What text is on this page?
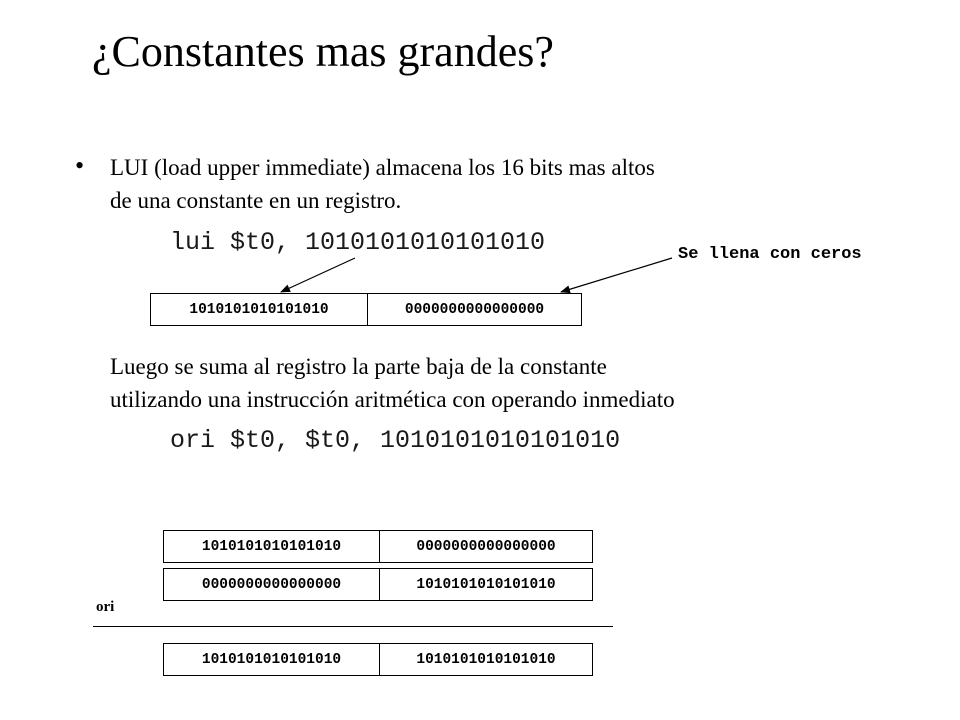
¿Constantes mas grandes?
• LUI (load upper immediate) almacena los 16 bits mas altos
de una constante en un registro.
lui $t0, 1010101010101010	Se llena con ceros
1010101010101010	0000000000000000
Luego se suma al registro la parte baja de la constante
utilizando una instrucción aritmética con operando inmediato
ori $t0, $t0, 1010101010101010
1010101010101010	0000000000000000
0000000000000000	1010101010101010
ori
1010101010101010	1010101010101010
